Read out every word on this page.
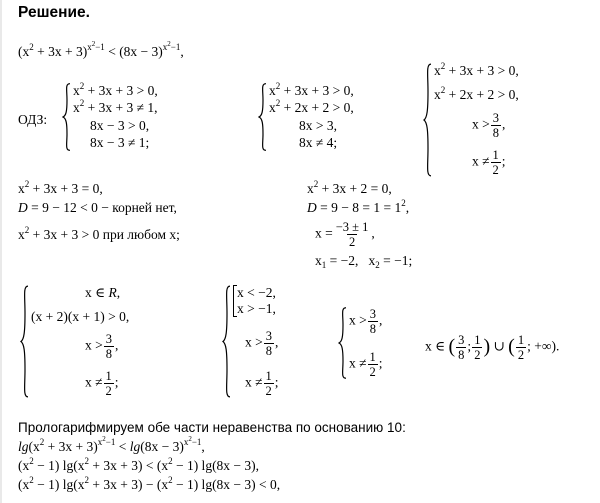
Решение.
$(x^2 + 3x + 3)^{x^2-1} < (8x - 3)^{x^2-1}$,
ОДЗ:
$x^2 + 3x + 3 > 0$,
$x^2 + 3x + 3 \ne 1$,
8x − 3 > 0,
8x − 3 ≠ 1;
$x^2 + 3x + 3 > 0$,
$x^2 + 2x + 2 > 0$,
8x > 3,
8x ≠ 4;
$x^2 + 3x + 3 > 0$,
$x^2 + 2x + 2 > 0$,
$x > \frac{3}{8}$ ,
$x \ne \frac{1}{2}$ ;
$x^2 + 3x + 3 = 0$,
D = 9 − 12 < 0 − корней нет,
$x^2 + 3x + 3 > 0$ при любом x;
$x^2 + 3x + 2 = 0$,
$D = 9 - 8 = 1 = 1^2$,
$x = \frac{-3 \pm 1}{2}$ ,
$x_1 = -2$, $x_2 = -1$;
x ∈ R,
(x + 2)(x + 1) > 0,
$x > \frac{3}{8}$ ,
$x \ne \frac{1}{2}$ ;
x < −2,
x > −1,
$x > \frac{3}{8}$ ,
$x \ne \frac{1}{2}$ ;
$x > \frac{3}{8}$ ,
$x \ne \frac{1}{2}$ ;
x ∈ ( $\frac{3}{8}$ ; $\frac{1}{2}$ ) ∪ ( $\frac{1}{2}$ ; +∞).
Прологарифмируем обе части неравенства по основанию 10:
$\lg(x^2 + 3x + 3)^{x^2-1} < \lg(8x - 3)^{x^2-1}$,
$(x^2 - 1) \lg(x^2 + 3x + 3) < (x^2 - 1) \lg(8x - 3)$,
$(x^2 - 1) \lg(x^2 + 3x + 3) - (x^2 - 1) \lg(8x - 3) < 0$,
